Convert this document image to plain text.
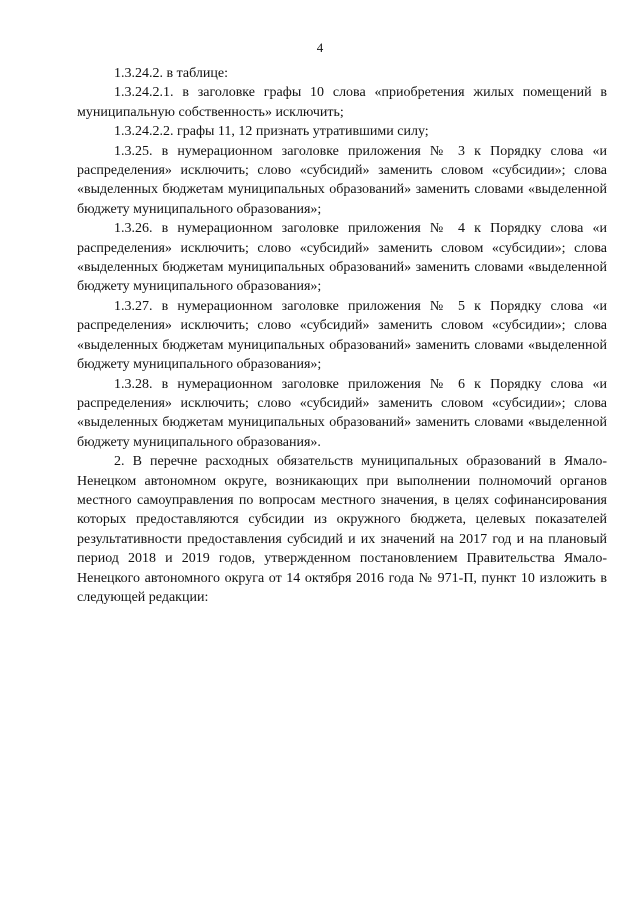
4

1.3.24.2. в таблице:

1.3.24.2.1. в заголовке графы 10 слова «приобретения жилых помещений в муниципальную собственность» исключить;

1.3.24.2.2. графы 11, 12 признать утратившими силу;

1.3.25. в нумерационном заголовке приложения № 3 к Порядку слова «и распределения» исключить; слово «субсидий» заменить словом «субсидии»; слова «выделенных бюджетам муниципальных образований» заменить словами «выделенной бюджету муниципального образования»;

1.3.26. в нумерационном заголовке приложения № 4 к Порядку слова «и распределения» исключить; слово «субсидий» заменить словом «субсидии»; слова «выделенных бюджетам муниципальных образований» заменить словами «выделенной бюджету муниципального образования»;

1.3.27. в нумерационном заголовке приложения № 5 к Порядку слова «и распределения» исключить; слово «субсидий» заменить словом «субсидии»; слова «выделенных бюджетам муниципальных образований» заменить словами «выделенной бюджету муниципального образования»;

1.3.28. в нумерационном заголовке приложения № 6 к Порядку слова «и распределения» исключить; слово «субсидий» заменить словом «субсидии»; слова «выделенных бюджетам муниципальных образований» заменить словами «выделенной бюджету муниципального образования».

2. В перечне расходных обязательств муниципальных образований в Ямало-Ненецком автономном округе, возникающих при выполнении полномочий органов местного самоуправления по вопросам местного значения, в целях софинансирования которых предоставляются субсидии из окружного бюджета, целевых показателей результативности предоставления субсидий и их значений на 2017 год и на плановый период 2018 и 2019 годов, утвержденном постановлением Правительства Ямало-Ненецкого автономного округа от 14 октября 2016 года № 971-П, пункт 10 изложить в следующей редакции:
